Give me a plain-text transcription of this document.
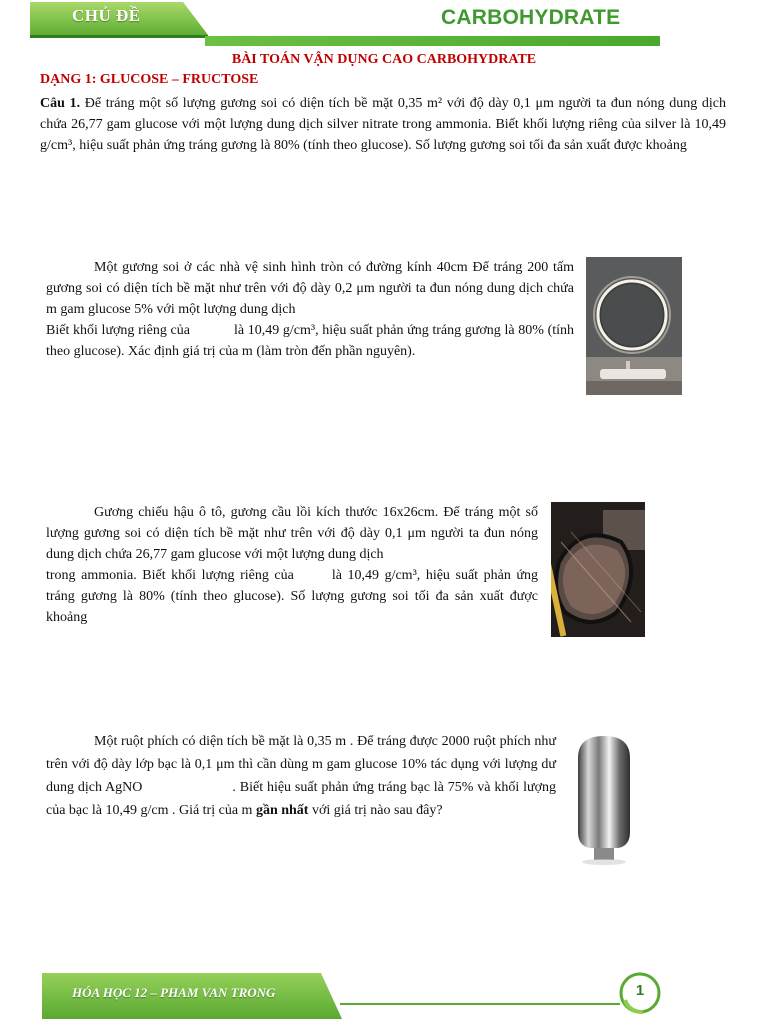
CHỦ ĐỀ	CARBOHYDRATE
BÀI TOÁN VẬN DỤNG CAO CARBOHYDRATE
DẠNG 1: GLUCOSE – FRUCTOSE
Câu 1. Để tráng một số lượng gương soi có diện tích bề mặt 0,35 m² với độ dày 0,1 μm người ta đun nóng dung dịch chứa 26,77 gam glucose với một lượng dung dịch silver nitrate trong ammonia. Biết khối lượng riêng của silver là 10,49 g/cm³, hiệu suất phản ứng tráng gương là 80% (tính theo glucose). Số lượng gương soi tối đa sản xuất được khoảng

Một gương soi ở các nhà vệ sinh hình tròn có đường kính 40cm Để tráng 200 tấm gương soi có diện tích bề mặt như trên với độ dày 0,2 μm người ta đun nóng dung dịch chứa m gam glucose 5% với một lượng dung dịch

Biết khối lượng riêng của	là 10,49 g/cm³, hiệu suất phản ứng tráng gương là 80% (tính theo glucose). Xác định giá trị của m (làm tròn đến phần nguyên).

Gương chiếu hậu ô tô, gương cầu lồi kích thước 16x26cm. Để tráng một số lượng gương soi có diện tích bề mặt như trên với độ dày 0,1 μm người ta đun nóng dung dịch chứa 26,77 gam glucose với một lượng dung dịch

trong ammonia. Biết khối lượng riêng của	là 10,49 g/cm³, hiệu suất phản ứng tráng gương là 80% (tính theo glucose). Số lượng gương soi tối đa sản xuất được khoảng

Một ruột phích có diện tích bề mặt là 0,35 m . Để tráng được 2000 ruột phích như trên với độ dày lớp bạc là 0,1 μm thì cần dùng m gam glucose 10% tác dụng với lượng dư dung dịch AgNO	. Biết hiệu suất phản ứng tráng bạc là 75% và khối lượng của bạc là 10,49 g/cm . Giá trị của m gần nhất với giá trị nào sau đây?

HÓA HỌC 12 – PHAM VAN TRONG	1
